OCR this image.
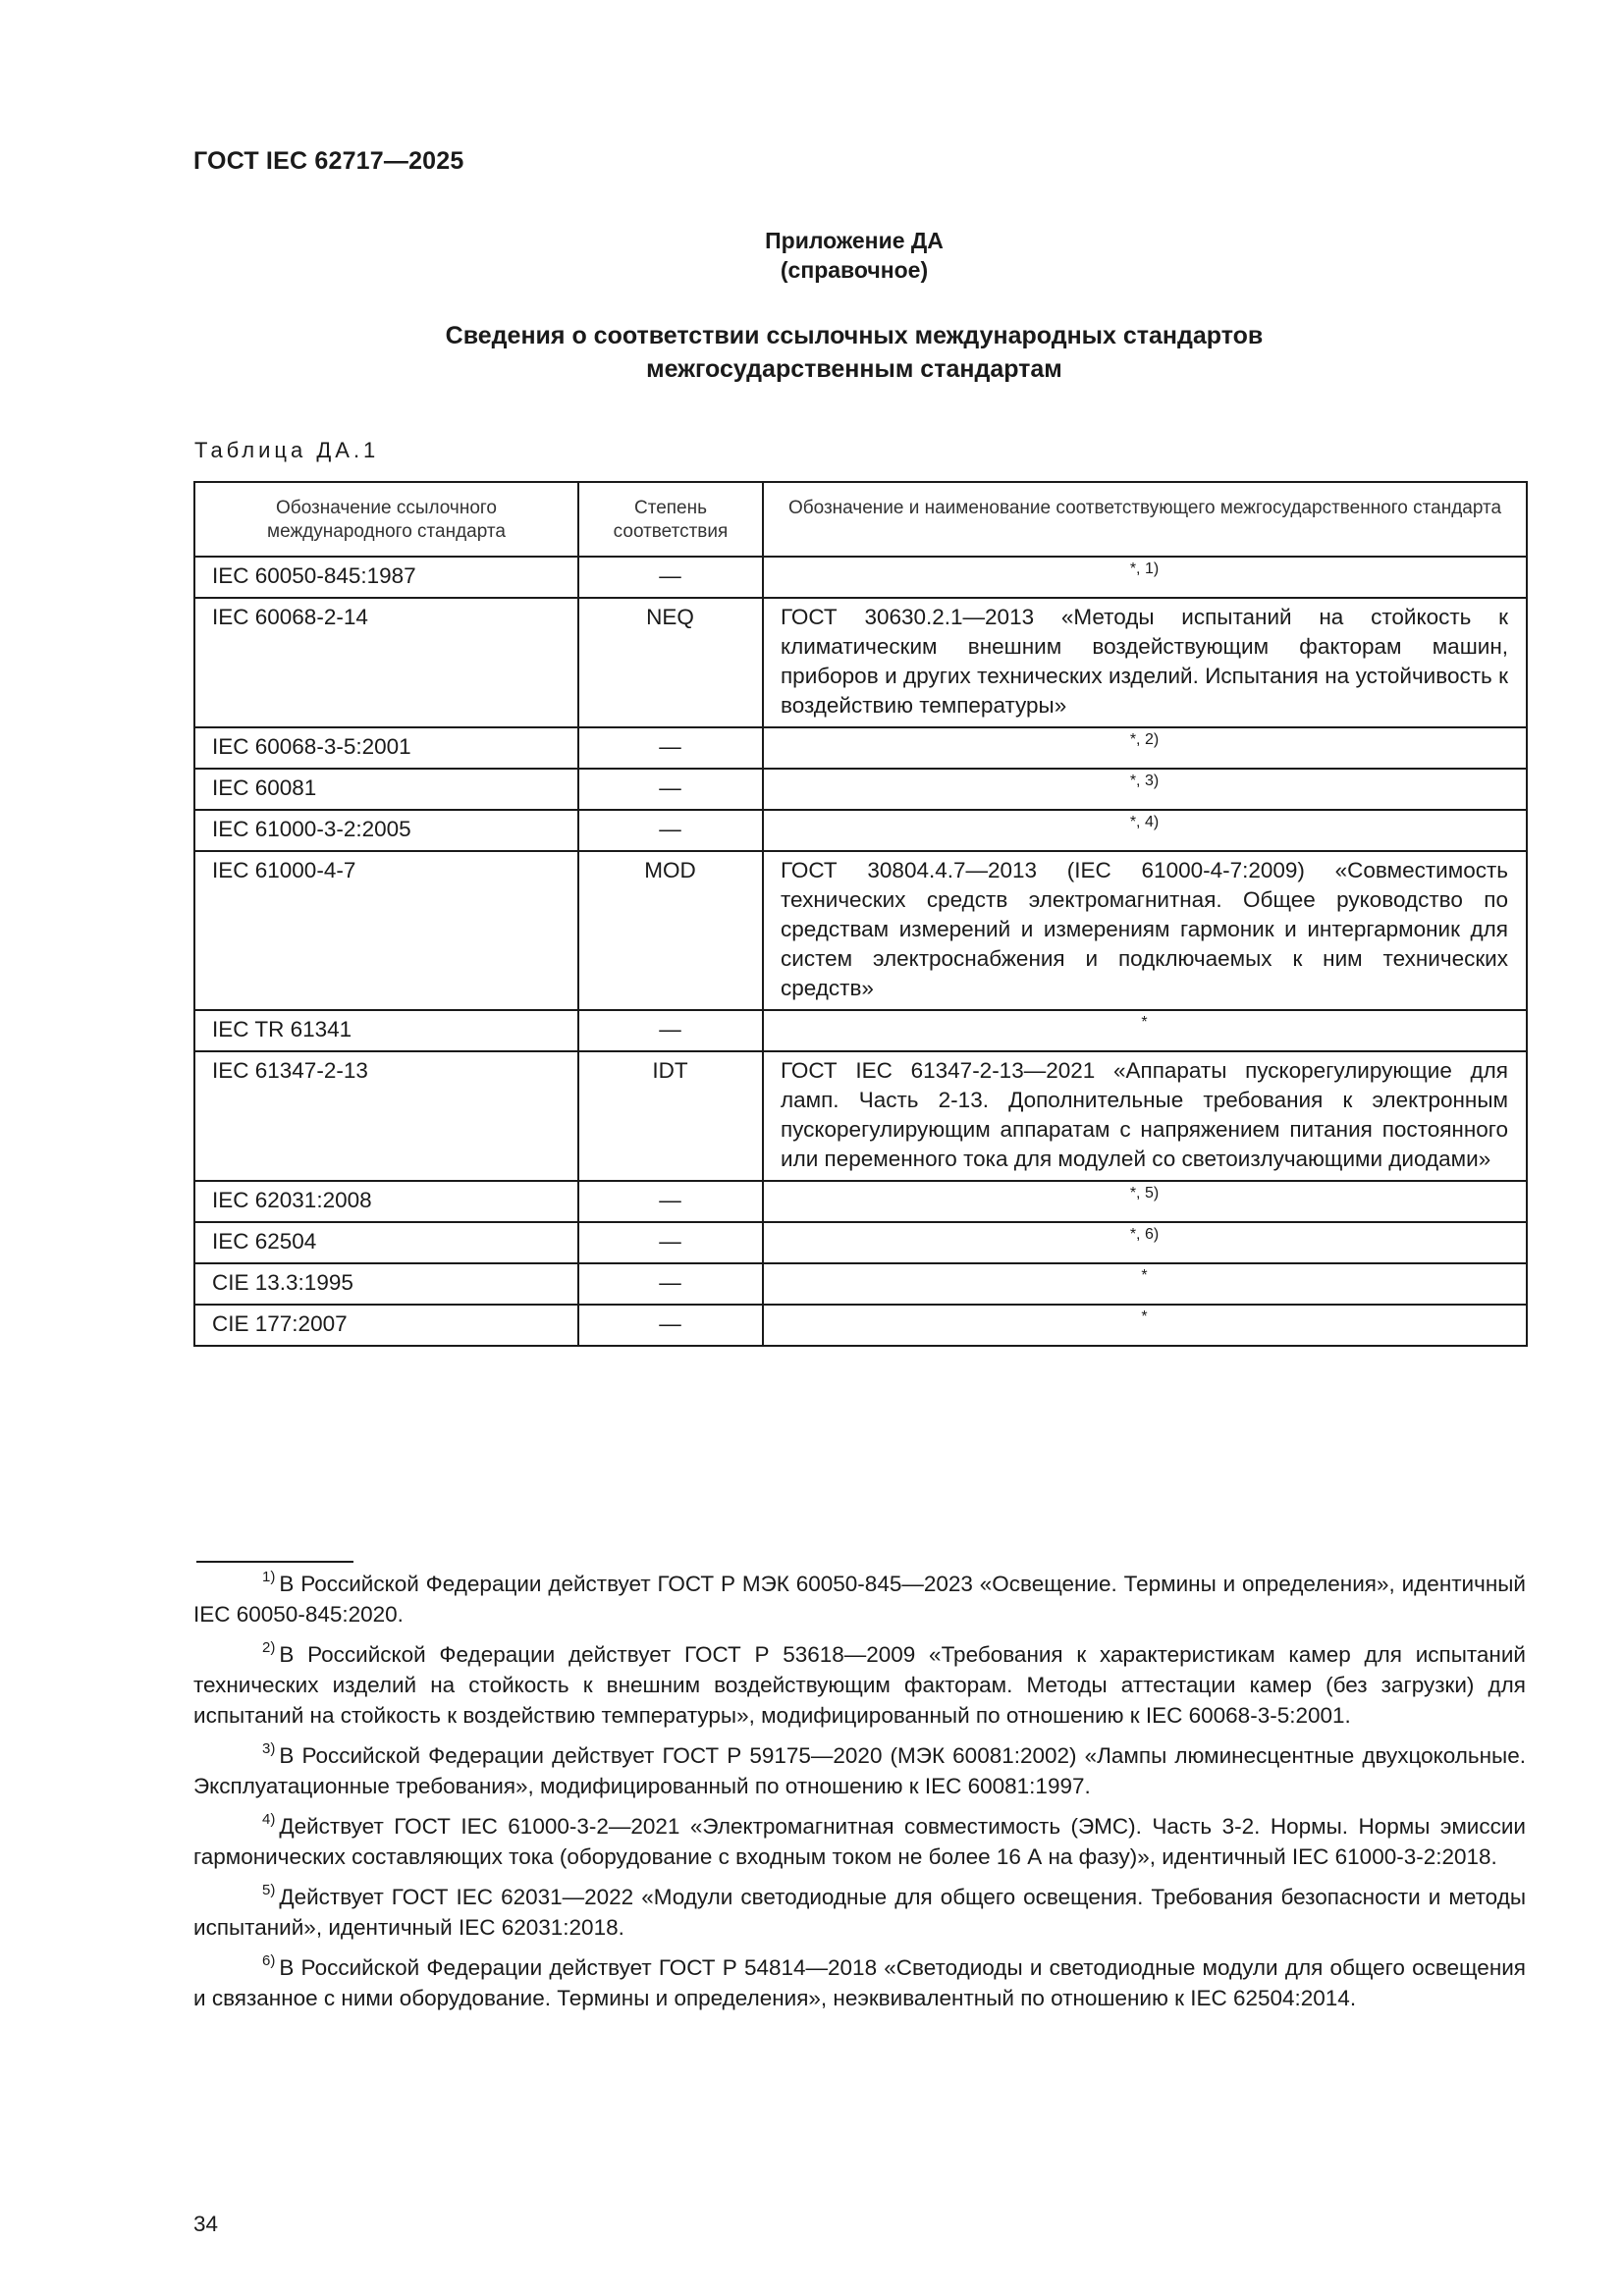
ГОСТ IEC 62717—2025
Приложение ДА
(справочное)
Сведения о соответствии ссылочных международных стандартов
межгосударственным стандартам
Таблица ДА.1
Обозначение ссылочного международного стандарта	Степень соответствия	Обозначение и наименование соответствующего межгосударственного стандарта
IEC 60050-845:1987	—	*, 1)
IEC 60068-2-14	NEQ	ГОСТ 30630.2.1—2013 «Методы испытаний на стойкость к климатическим внешним воздействующим факторам машин, приборов и других технических изделий. Испытания на устойчивость к воздействию температуры»
IEC 60068-3-5:2001	—	*, 2)
IEC 60081	—	*, 3)
IEC 61000-3-2:2005	—	*, 4)
IEC 61000-4-7	MOD	ГОСТ 30804.4.7—2013 (IEC 61000-4-7:2009) «Совместимость технических средств электромагнитная. Общее руководство по средствам измерений и измерениям гармоник и интергармоник для систем электроснабжения и подключаемых к ним технических средств»
IEC TR 61341	—	*
IEC 61347-2-13	IDT	ГОСТ IEC 61347-2-13—2021 «Аппараты пускорегулирующие для ламп. Часть 2-13. Дополнительные требования к электронным пускорегулирующим аппаратам с напряжением питания постоянного или переменного тока для модулей со светоизлучающими диодами»
IEC 62031:2008	—	*, 5)
IEC 62504	—	*, 6)
CIE 13.3:1995	—	*
CIE 177:2007	—	*

$^{1)}$ В Российской Федерации действует ГОСТ Р МЭК 60050-845—2023 «Освещение. Термины и определения», идентичный IEC 60050-845:2020.

$^{2)}$ В Российской Федерации действует ГОСТ Р 53618—2009 «Требования к характеристикам камер для испытаний технических изделий на стойкость к внешним воздействующим факторам. Методы аттестации камер (без загрузки) для испытаний на стойкость к воздействию температуры», модифицированный по отношению к IEC 60068-3-5:2001.

$^{3)}$ В Российской Федерации действует ГОСТ Р 59175—2020 (МЭК 60081:2002) «Лампы люминесцентные двухцокольные. Эксплуатационные требования», модифицированный по отношению к IEC 60081:1997.

$^{4)}$ Действует ГОСТ IEC 61000-3-2—2021 «Электромагнитная совместимость (ЭМС). Часть 3-2. Нормы. Нормы эмиссии гармонических составляющих тока (оборудование с входным током не более 16 А на фазу)», идентичный IEC 61000-3-2:2018.

$^{5)}$ Действует ГОСТ IEC 62031—2022 «Модули светодиодные для общего освещения. Требования безопасности и методы испытаний», идентичный IEC 62031:2018.

$^{6)}$ В Российской Федерации действует ГОСТ Р 54814—2018 «Светодиоды и светодиодные модули для общего освещения и связанное с ними оборудование. Термины и определения», неэквивалентный по отношению к IEC 62504:2014.

34
